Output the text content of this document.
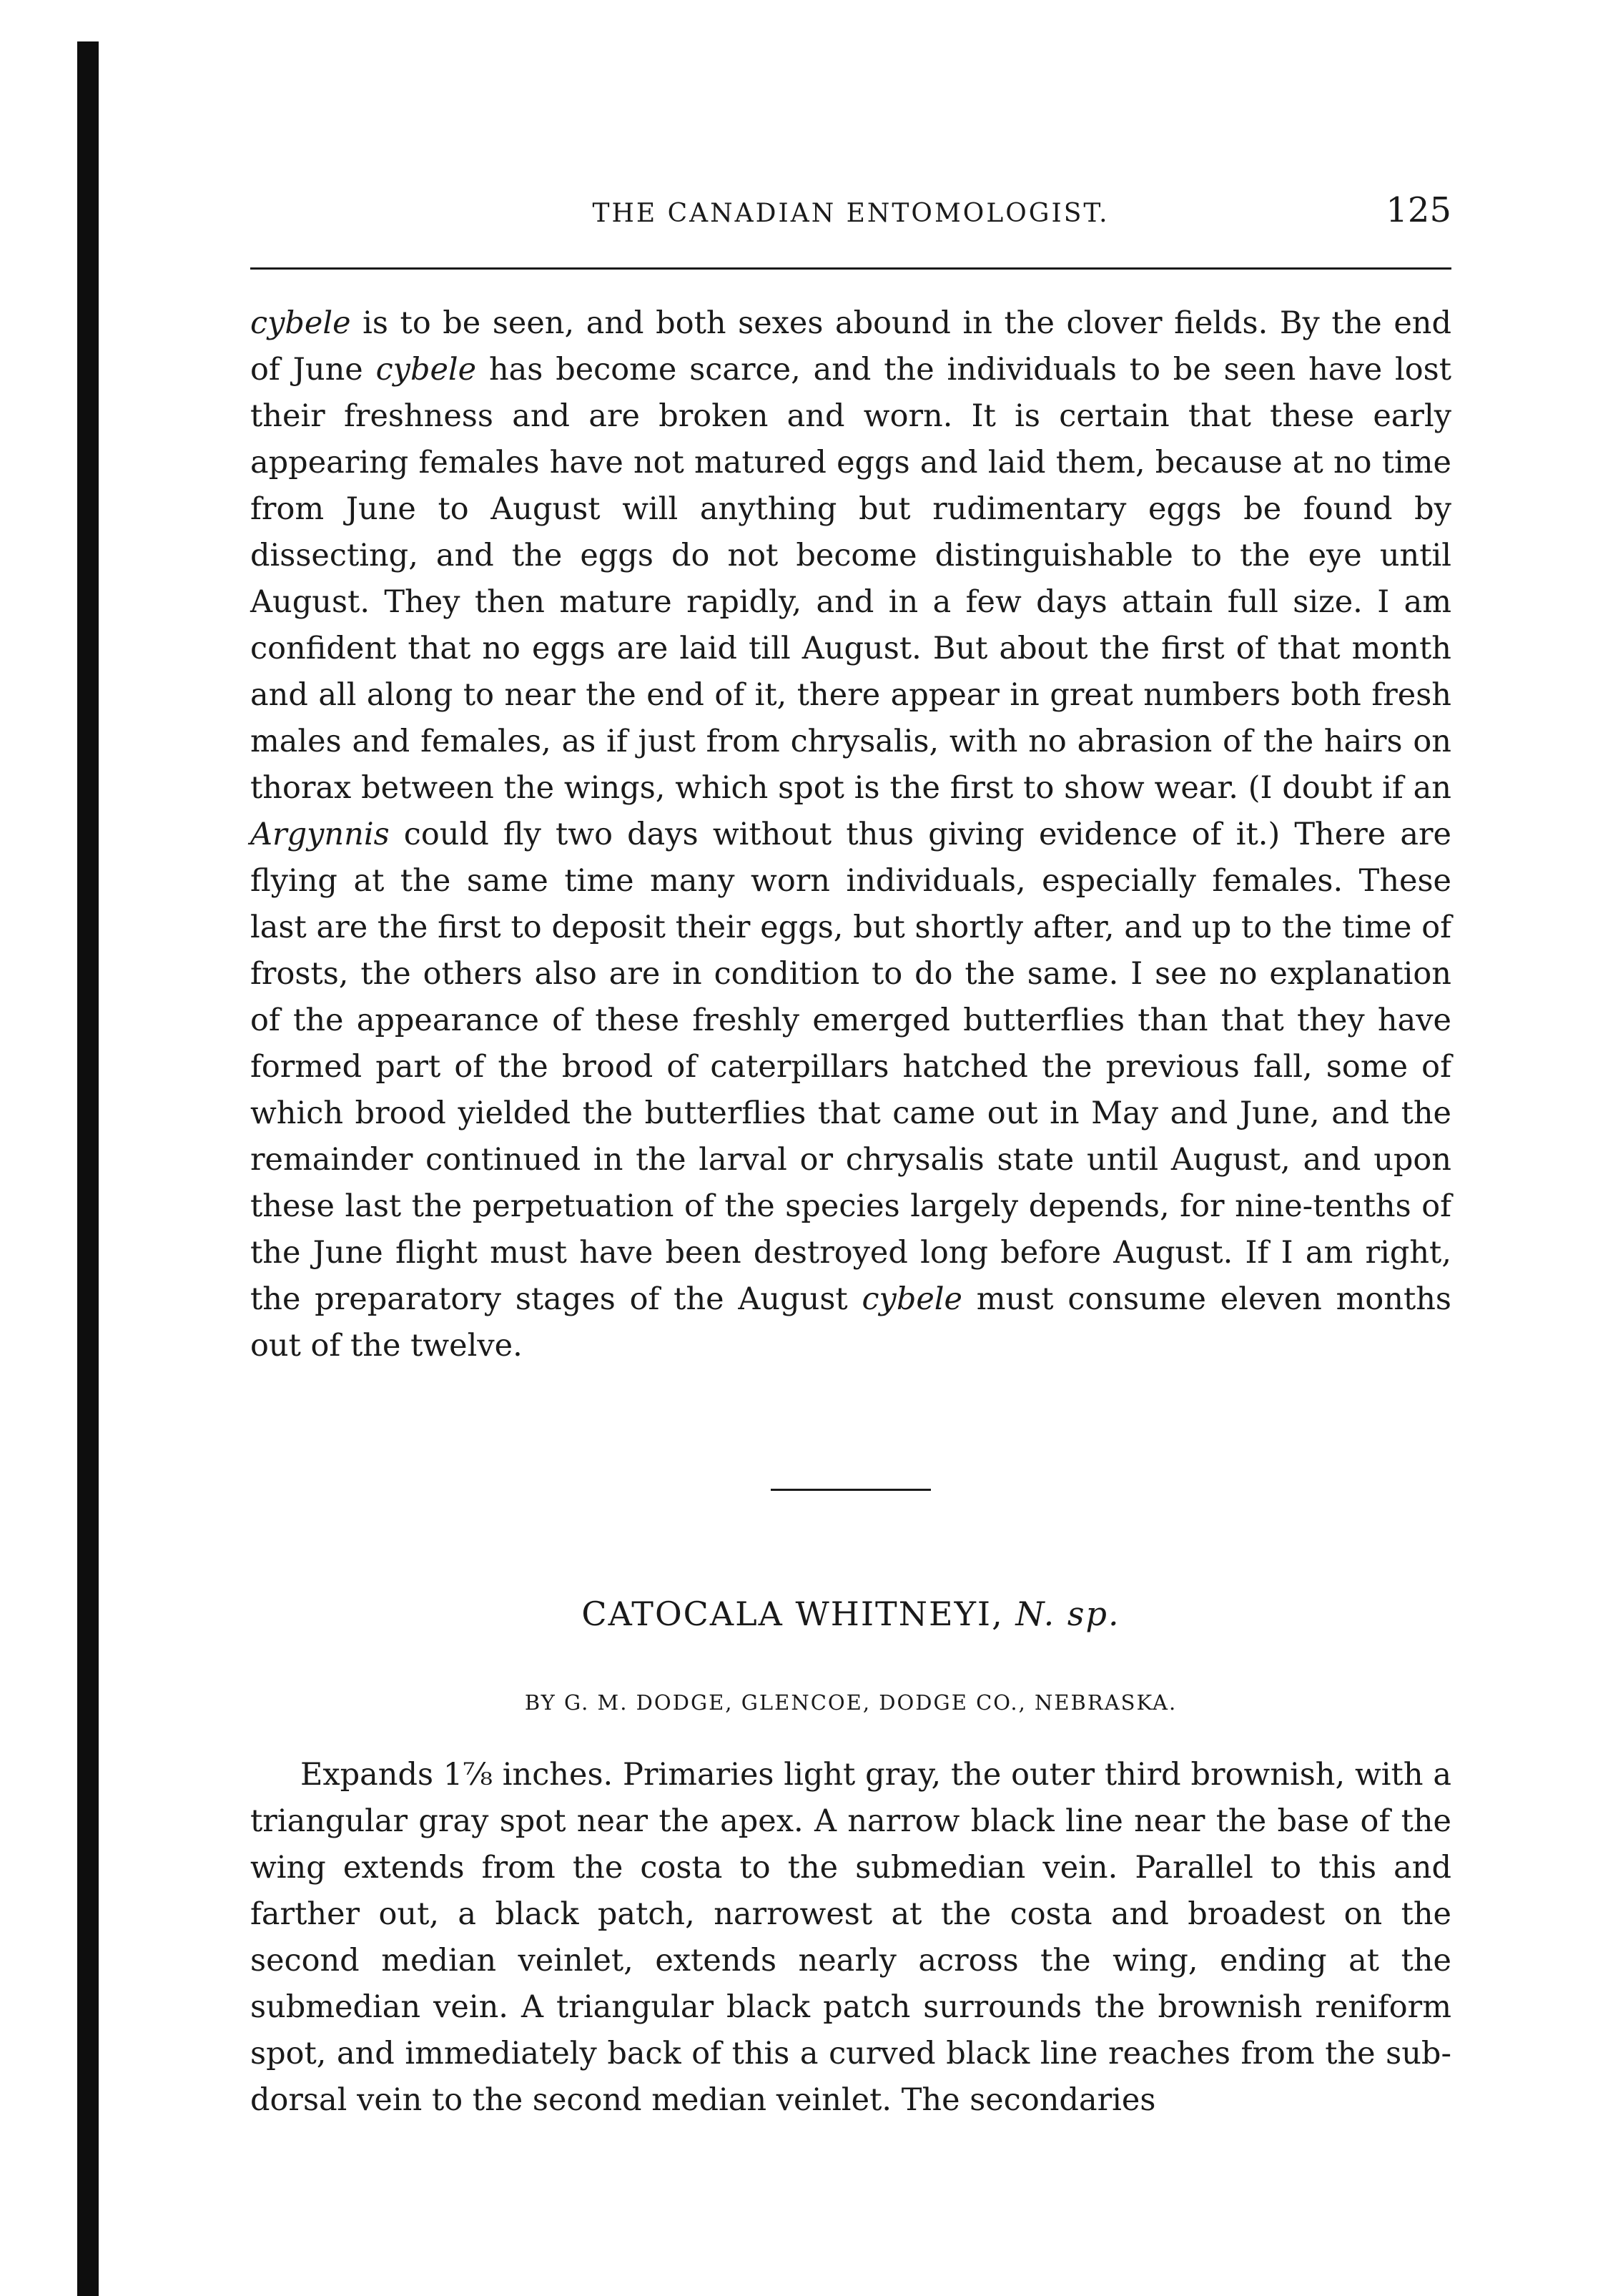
THE CANADIAN ENTOMOLOGIST.	125
cybele is to be seen, and both sexes abound in the clover fields. By the end of June cybele has become scarce, and the individuals to be seen have lost their freshness and are broken and worn. It is certain that these early appearing females have not matured eggs and laid them, because at no time from June to August will anything but rudimentary eggs be found by dissecting, and the eggs do not become distinguishable to the eye until August. They then mature rapidly, and in a few days attain full size. I am confident that no eggs are laid till August. But about the first of that month and all along to near the end of it, there appear in great numbers both fresh males and females, as if just from chrysalis, with no abrasion of the hairs on thorax between the wings, which spot is the first to show wear. (I doubt if an Argynnis could fly two days without thus giving evidence of it.) There are flying at the same time many worn individuals, especially females. These last are the first to deposit their eggs, but shortly after, and up to the time of frosts, the others also are in condition to do the same. I see no explanation of the appearance of these freshly emerged butterflies than that they have formed part of the brood of caterpillars hatched the previous fall, some of which brood yielded the butterflies that came out in May and June, and the remainder continued in the larval or chrysalis state until August, and upon these last the perpetuation of the species largely depends, for nine-tenths of the June flight must have been destroyed long before August. If I am right, the preparatory stages of the August cybele must consume eleven months out of the twelve.
CATOCALA WHITNEYI, N. sp.
BY G. M. DODGE, GLENCOE, DODGE CO., NEBRASKA.
Expands 1⅞ inches. Primaries light gray, the outer third brownish, with a triangular gray spot near the apex. A narrow black line near the base of the wing extends from the costa to the submedian vein. Parallel to this and farther out, a black patch, narrowest at the costa and broadest on the second median veinlet, extends nearly across the wing, ending at the submedian vein. A triangular black patch surrounds the brownish reniform spot, and immediately back of this a curved black line reaches from the sub-dorsal vein to the second median veinlet. The secondaries
